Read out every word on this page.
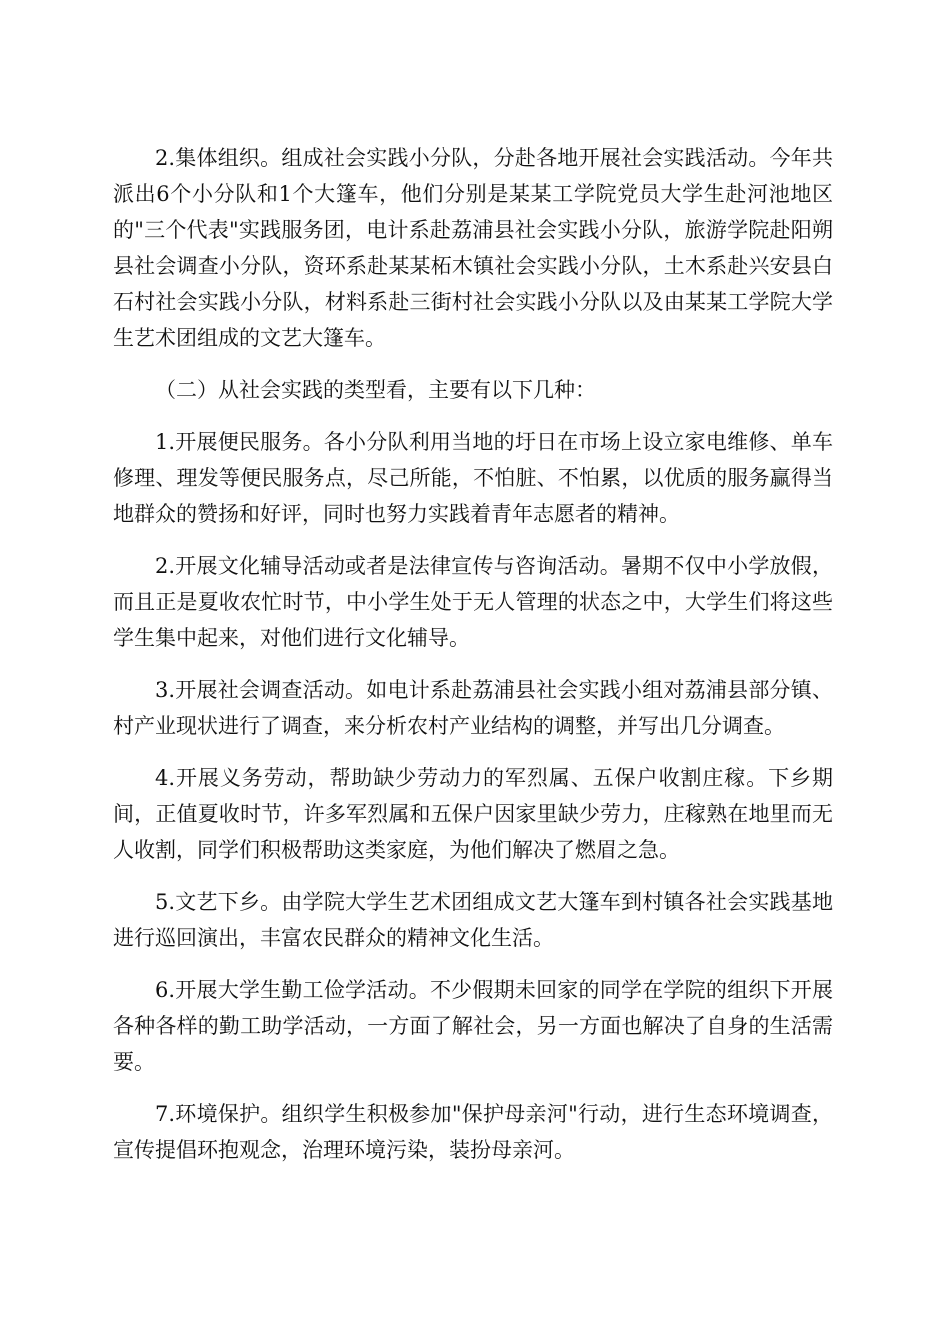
2.集体组织。组成社会实践小分队，分赴各地开展社会实践活动。今年共派出6个小分队和1个大篷车，他们分别是某某工学院党员大学生赴河池地区的"三个代表"实践服务团，电计系赴荔浦县社会实践小分队，旅游学院赴阳朔县社会调查小分队，资环系赴某某柘木镇社会实践小分队，土木系赴兴安县白石村社会实践小分队，材料系赴三街村社会实践小分队以及由某某工学院大学生艺术团组成的文艺大篷车。

（二）从社会实践的类型看，主要有以下几种：

1.开展便民服务。各小分队利用当地的圩日在市场上设立家电维修、单车修理、理发等便民服务点，尽己所能，不怕脏、不怕累，以优质的服务赢得当地群众的赞扬和好评，同时也努力实践着青年志愿者的精神。

2.开展文化辅导活动或者是法律宣传与咨询活动。暑期不仅中小学放假，而且正是夏收农忙时节，中小学生处于无人管理的状态之中，大学生们将这些学生集中起来，对他们进行文化辅导。

3.开展社会调查活动。如电计系赴荔浦县社会实践小组对荔浦县部分镇、村产业现状进行了调查，来分析农村产业结构的调整，并写出几分调查。

4.开展义务劳动，帮助缺少劳动力的军烈属、五保户收割庄稼。下乡期间，正值夏收时节，许多军烈属和五保户因家里缺少劳力，庄稼熟在地里而无人收割，同学们积极帮助这类家庭，为他们解决了燃眉之急。

5.文艺下乡。由学院大学生艺术团组成文艺大篷车到村镇各社会实践基地进行巡回演出，丰富农民群众的精神文化生活。

6.开展大学生勤工俭学活动。不少假期未回家的同学在学院的组织下开展各种各样的勤工助学活动，一方面了解社会，另一方面也解决了自身的生活需要。

7.环境保护。组织学生积极参加"保护母亲河"行动，进行生态环境调查，宣传提倡环抱观念，治理环境污染，装扮母亲河。
